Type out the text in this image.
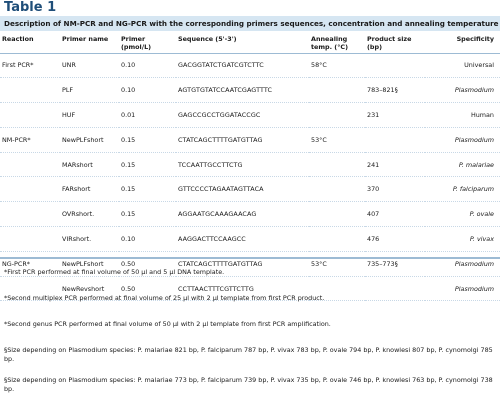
Table 1
Description of NM-PCR and NG-PCR with the corresponding primers sequences, concentration and annealing temperature
Reaction	Primer name	Primer (pmol/L)	Sequence (5'-3')	Annealing temp. (°C)	Product size (bp)	Specificity
First PCR*	UNR	0.10	GACGGTATCTGATCGTCTTC	58°C		Universal
	PLF	0.10	AGTGTGTATCCAATCGAGTTTC		783–821§	Plasmodium
	HUF	0.01	GAGCCGCCTGGATACCGC		231	Human
NM-PCR*	NewPLFshort	0.15	CTATCAGCTTTTGATGTTAG	53°C		Plasmodium
	MARshort	0.15	TCCAATTGCCTTCTG		241	P. malariae
	FARshort	0.15	GTTCCCCTAGAATAGTTACA		370	P. falciparum
	OVRshort.	0.15	AGGAATGCAAAGAACAG		407	P. ovale
	VIRshort.	0.10	AAGGACTTCCAAGCC		476	P. vivax
NG-PCR*	NewPLFshort	0.50	CTATCAGCTTTTGATGTTAG	53°C	735–773§	Plasmodium
	NewRevshort	0.50	CCTTAACTTTCGTTCTTG			Plasmodium

*First PCR performed at final volume of 50 μl and 5 μl DNA template.

*Second multiplex PCR performed at final volume of 25 μl with 2 μl template from first PCR product.

*Second genus PCR performed at final volume of 50 μl with 2 μl template from first PCR amplification.

§Size depending on Plasmodium species: P. malariae 821 bp, P. falciparum 787 bp, P. vivax 783 bp, P. ovale 794 bp, P. knowlesi 807 bp, P. cynomolgi 785 bp.

§Size depending on Plasmodium species: P. malariae 773 bp, P. falciparum 739 bp, P. vivax 735 bp, P. ovale 746 bp, P. knowlesi 763 bp, P. cynomolgi 738 bp.
